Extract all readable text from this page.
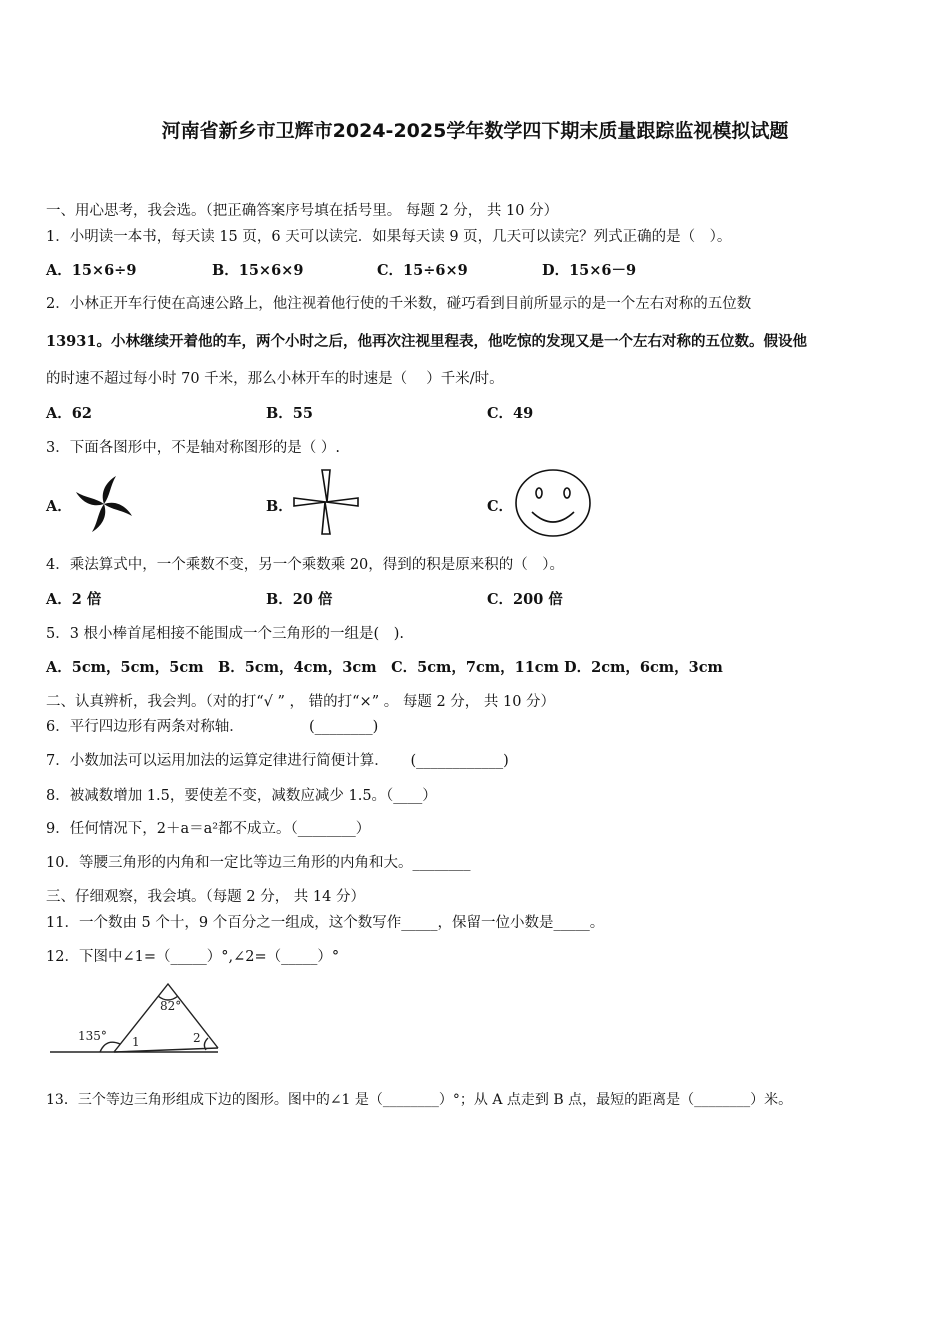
河南省新乡市卫辉市2024-2025学年数学四下期末质量跟踪监视模拟试题
一、用心思考，我会选。（把正确答案序号填在括号里。 每题 2 分， 共 10 分）
1．小明读一本书，每天读 15 页，6 天可以读完．如果每天读 9 页，几天可以读完？列式正确的是（　）。
A．15×6÷9	B．15×6×9	C．15÷6×9	D．15×6－9
2．小林正开车行使在高速公路上，他注视着他行使的千米数，碰巧看到目前所显示的是一个左右对称的五位数
13931。小林继续开着他的车，两个小时之后，他再次注视里程表，他吃惊的发现又是一个左右对称的五位数。假设他
的时速不超过每小时 70 千米，那么小林开车的时速是（　 ）千米/时。
A．62	B．55	C．49
3．下面各图形中，不是轴对称图形的是（ ）.
A．	B．	C．
4．乘法算式中，一个乘数不变，另一个乘数乘 20，得到的积是原来积的（　）。
A．2 倍	B．20 倍	C．200 倍
5．3 根小棒首尾相接不能围成一个三角形的一组是(　).
A．5cm，5cm，5cm　B．5cm，4cm，3cm　C．5cm，7cm，11cm D．2cm，6cm，3cm
二、认真辨析，我会判。（对的打“√ ” ， 错的打“×” 。 每题 2 分， 共 10 分）
6．平行四边形有两条对称轴．　　　　　(________)
7．小数加法可以运用加法的运算定律进行简便计算．　　(____________)
8．被减数增加 1.5，要使差不变，减数应减少 1.5。（____）
9．任何情况下，2＋a＝a²都不成立。（________）
10．等腰三角形的内角和一定比等边三角形的内角和大。________
三、仔细观察，我会填。（每题 2 分， 共 14 分）
11．一个数由 5 个十，9 个百分之一组成，这个数写作_____，保留一位小数是_____。
12．下图中∠1=（_____）°,∠2=（_____）°
82°
135° 1	2
13．三个等边三角形组成下边的图形。图中的∠1 是（________）°；从 A 点走到 B 点，最短的距离是（________）米。
